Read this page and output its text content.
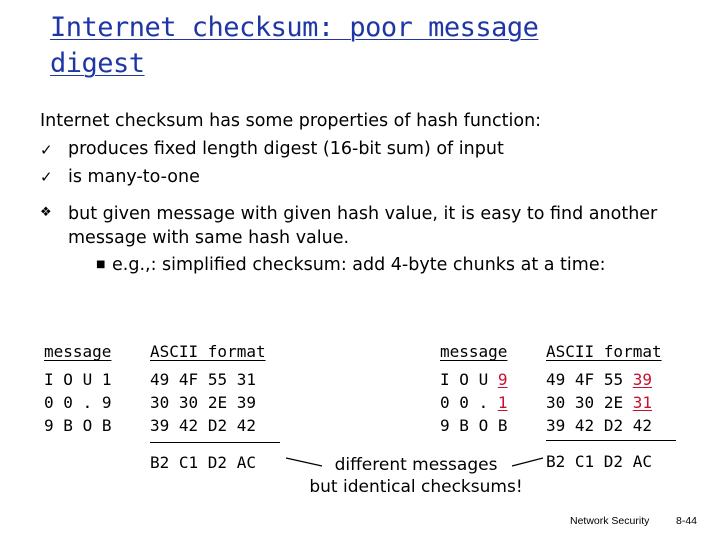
Internet checksum: poor message
digest
Internet checksum has some properties of hash function:
✓ produces fixed length digest (16-bit sum) of input
✓ is many-to-one
❖ but given message with given hash value, it is easy to find another
message with same hash value.
■ e.g.,: simplified checksum: add 4-byte chunks at a time:
message ASCII format
I O U 1
0 0 . 9
9 B O B
49 4F 55 31
30 30 2E 39
39 42 D2 42
B2 C1 D2 AC
message ASCII format
I O U 9
0 0 . 1
9 B O B
49 4F 55 39
30 30 2E 31
39 42 D2 42
B2 C1 D2 AC
different messages
but identical checksums!
Network Security	8-44
